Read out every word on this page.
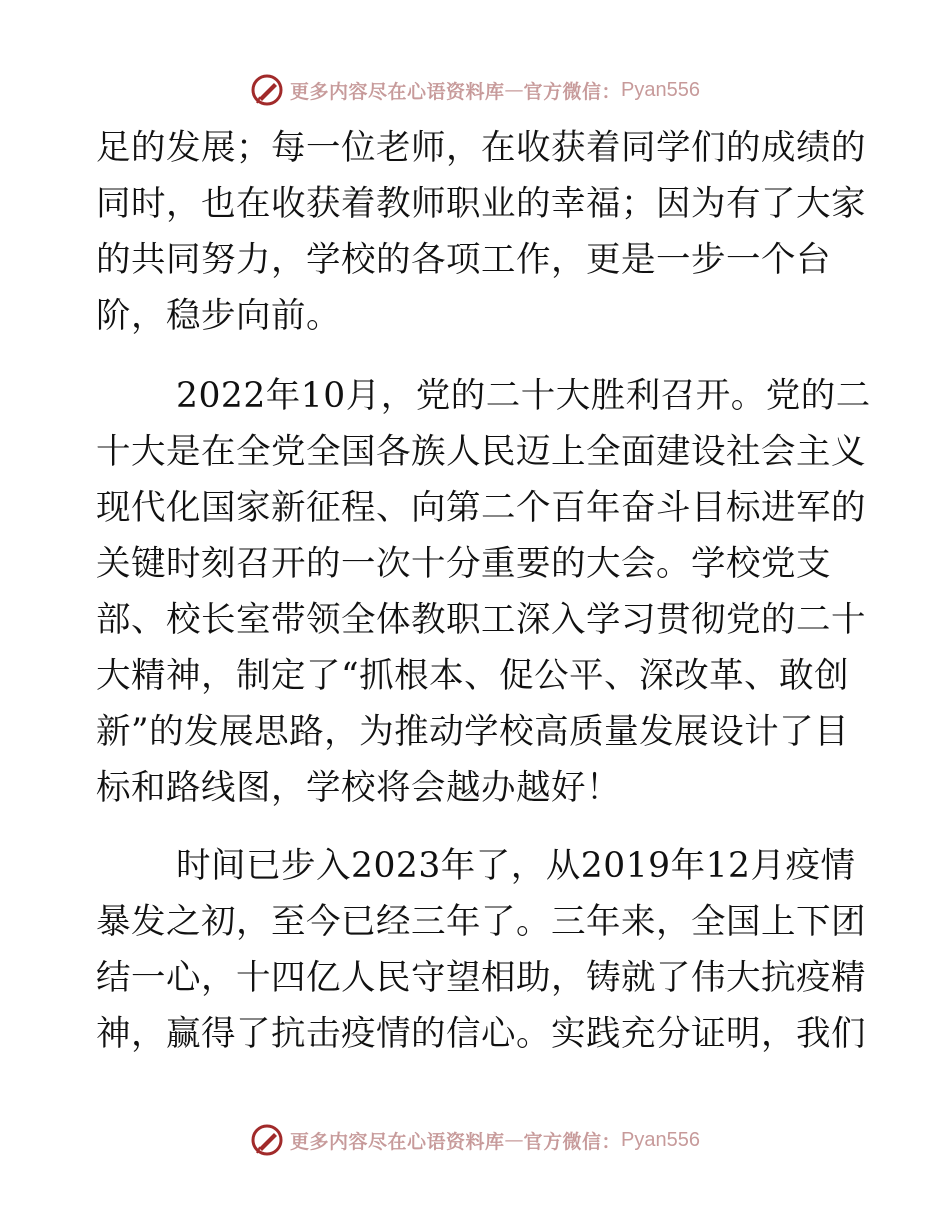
更多内容尽在心语资料库 — 官方微信： Pyan556
足的发展；每一位老师，在收获着同学们的成绩的
同时，也在收获着教师职业的幸福；因为有了大家
的共同努力，学校的各项工作，更是一步一个台
阶，稳步向前。
2022年10月，党的二十大胜利召开。党的二
十大是在全党全国各族人民迈上全面建设社会主义
现代化国家新征程、向第二个百年奋斗目标进军的
关键时刻召开的一次十分重要的大会。学校党支
部、校长室带领全体教职工深入学习贯彻党的二十
大精神，制定了“抓根本、促公平、深改革、敢创
新”的发展思路，为推动学校高质量发展设计了目
标和路线图，学校将会越办越好！
时间已步入2023年了，从2019年12月疫情
暴发之初，至今已经三年了。三年来，全国上下团
结一心，十四亿人民守望相助，铸就了伟大抗疫精
神，赢得了抗击疫情的信心。实践充分证明，我们
更多内容尽在心语资料库 — 官方微信： Pyan556
